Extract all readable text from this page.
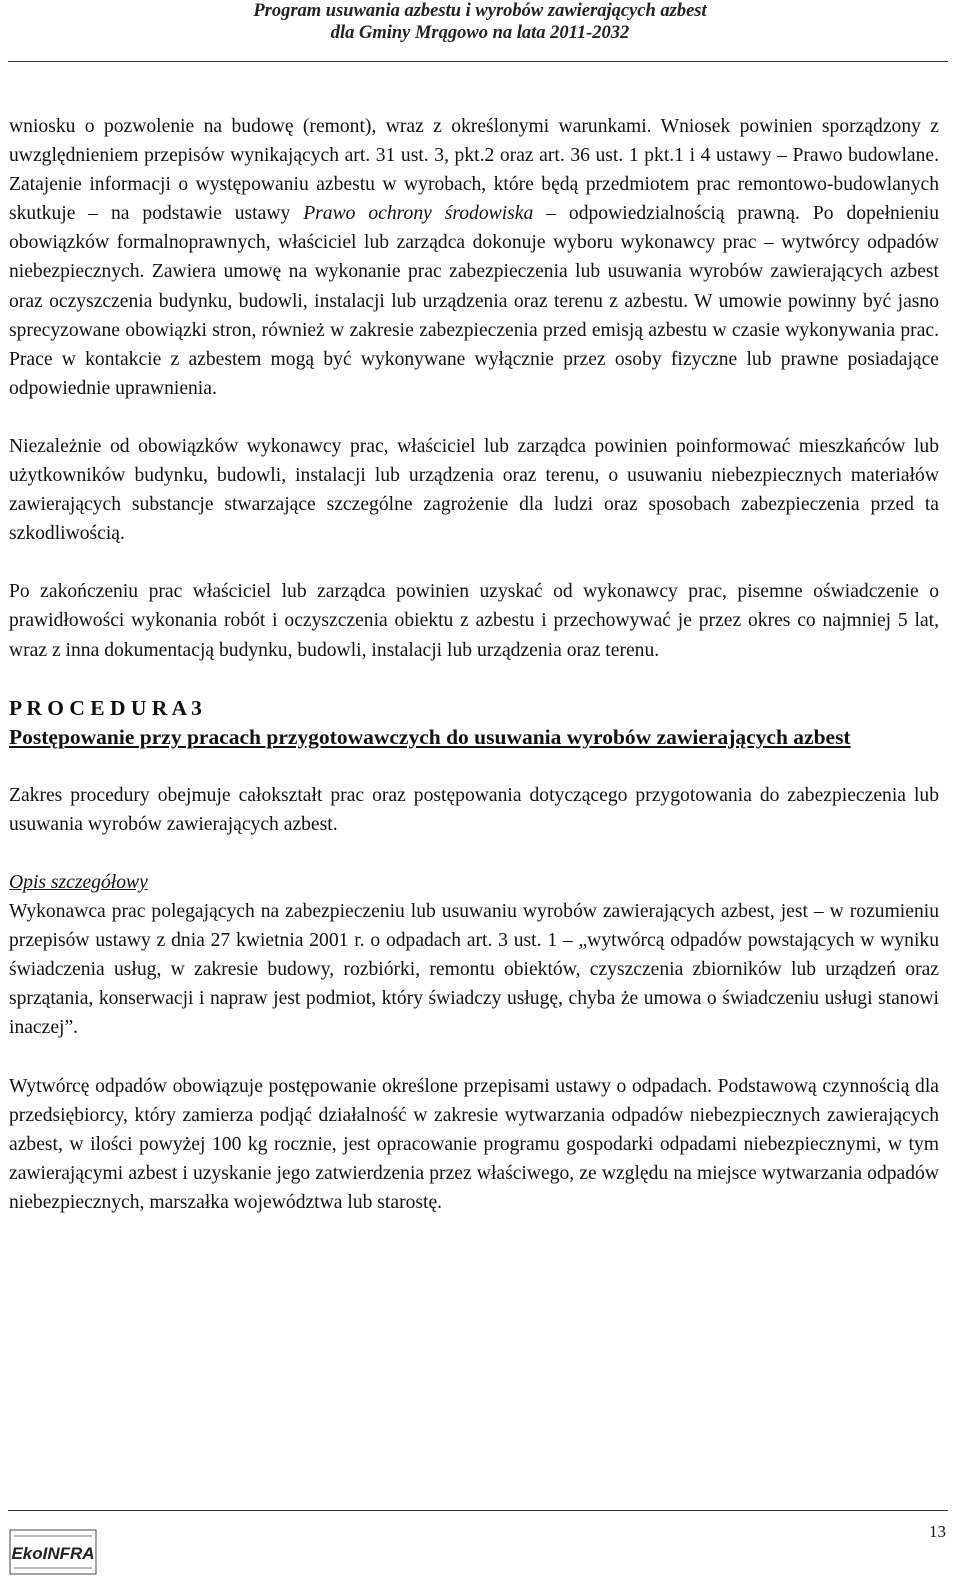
Program usuwania azbestu i wyrobów zawierających azbest
dla Gminy Mrągowo na lata 2011-2032

wniosku o pozwolenie na budowę (remont), wraz z określonymi warunkami. Wniosek powinien sporządzony z uwzględnieniem przepisów wynikających art. 31 ust. 3, pkt.2 oraz art. 36 ust. 1 pkt.1 i 4 ustawy – Prawo budowlane. Zatajenie informacji o występowaniu azbestu w wyrobach, które będą przedmiotem prac remontowo-budowlanych skutkuje – na podstawie ustawy Prawo ochrony środowiska – odpowiedzialnością prawną. Po dopełnieniu obowiązków formalnoprawnych, właściciel lub zarządca dokonuje wyboru wykonawcy prac – wytwórcy odpadów niebezpiecznych. Zawiera umowę na wykonanie prac zabezpieczenia lub usuwania wyrobów zawierających azbest oraz oczyszczenia budynku, budowli, instalacji lub urządzenia oraz terenu z azbestu. W umowie powinny być jasno sprecyzowane obowiązki stron, również w zakresie zabezpieczenia przed emisją azbestu w czasie wykonywania prac. Prace w kontakcie z azbestem mogą być wykonywane wyłącznie przez osoby fizyczne lub prawne posiadające odpowiednie uprawnienia.

Niezależnie od obowiązków wykonawcy prac, właściciel lub zarządca powinien poinformować mieszkańców lub użytkowników budynku, budowli, instalacji lub urządzenia oraz terenu, o usuwaniu niebezpiecznych materiałów zawierających substancje stwarzające szczególne zagrożenie dla ludzi oraz sposobach zabezpieczenia przed ta szkodliwością.

Po zakończeniu prac właściciel lub zarządca powinien uzyskać od wykonawcy prac, pisemne oświadczenie o prawidłowości wykonania robót i oczyszczenia obiektu z azbestu i przechowywać je przez okres co najmniej 5 lat, wraz z inna dokumentacją budynku, budowli, instalacji lub urządzenia oraz terenu.

P R O C E D U R A 3

Postępowanie przy pracach przygotowawczych do usuwania wyrobów zawierających azbest

Zakres procedury obejmuje całokształt prac oraz postępowania dotyczącego przygotowania do zabezpieczenia lub usuwania wyrobów zawierających azbest.

Opis szczegółowy

Wykonawca prac polegających na zabezpieczeniu lub usuwaniu wyrobów zawierających azbest, jest – w rozumieniu przepisów ustawy z dnia 27 kwietnia 2001 r. o odpadach art. 3 ust. 1 – „wytwórcą odpadów powstających w wyniku świadczenia usług, w zakresie budowy, rozbiórki, remontu obiektów, czyszczenia zbiorników lub urządzeń oraz sprzątania, konserwacji i napraw jest podmiot, który świadczy usługę, chyba że umowa o świadczeniu usługi stanowi inaczej”.

Wytwórcę odpadów obowiązuje postępowanie określone przepisami ustawy o odpadach. Podstawową czynnością dla przedsiębiorcy, który zamierza podjąć działalność w zakresie wytwarzania odpadów niebezpiecznych zawierających azbest, w ilości powyżej 100 kg rocznie, jest opracowanie programu gospodarki odpadami niebezpiecznymi, w tym zawierającymi azbest i uzyskanie jego zatwierdzenia przez właściwego, ze względu na miejsce wytwarzania odpadów niebezpiecznych, marszałka województwa lub starostę.

EkoINFRA
13
